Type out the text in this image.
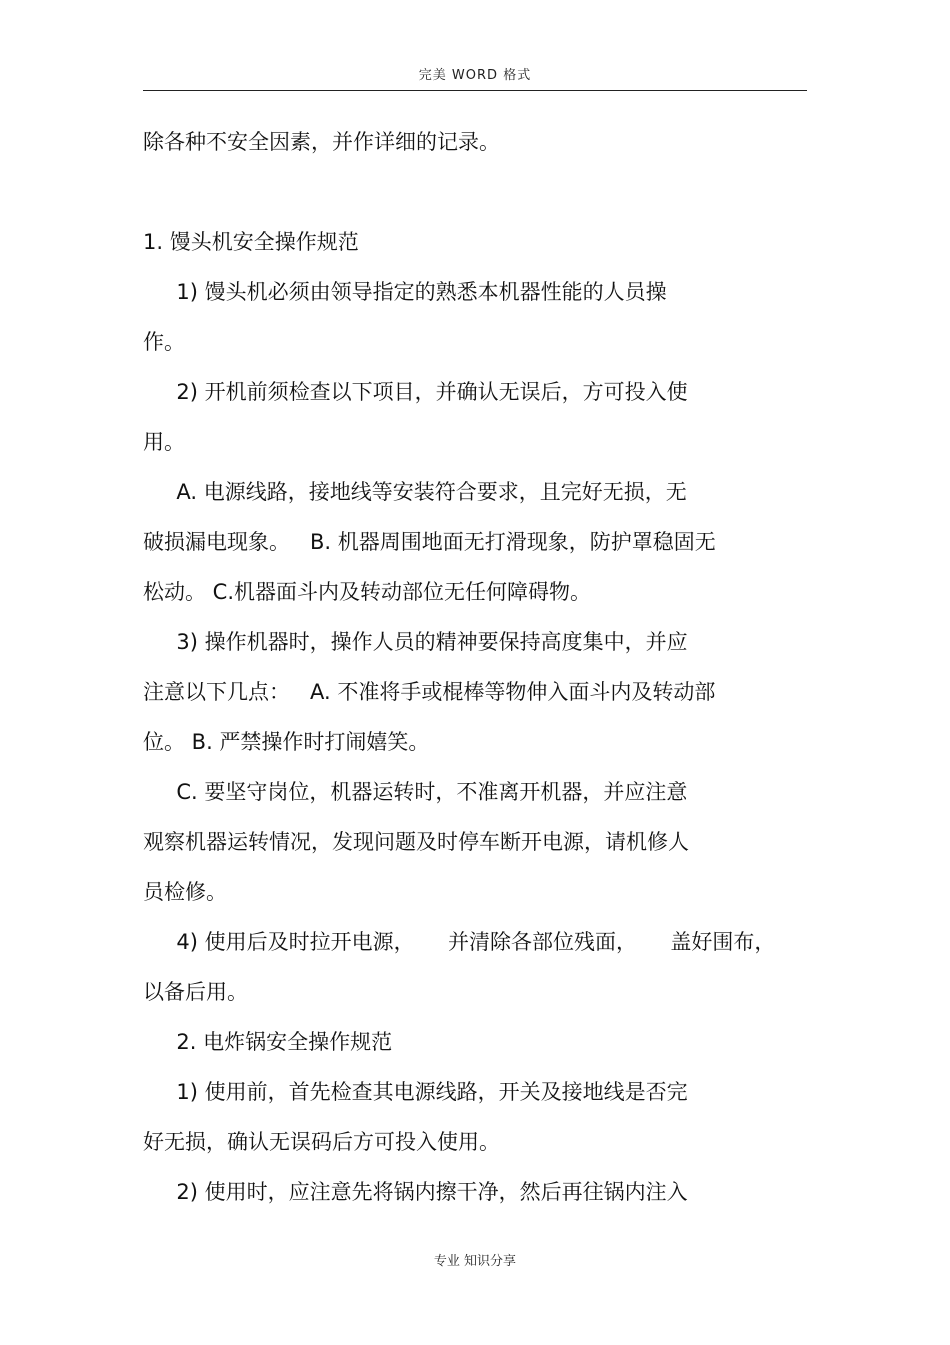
完美 WORD 格式
除各种不安全因素，并作详细的记录。
1. 馒头机安全操作规范
1) 馒头机必须由领导指定的熟悉本机器性能的人员操
作。
2) 开机前须检查以下项目，并确认无误后，方可投入使
用。
A. 电源线路，接地线等安装符合要求，且完好无损，无
破损漏电现象。   B. 机器周围地面无打滑现象，防护罩稳固无
松动。 C.机器面斗内及转动部位无任何障碍物。
3) 操作机器时，操作人员的精神要保持高度集中，并应
注意以下几点：   A. 不准将手或棍棒等物伸入面斗内及转动部
位。 B. 严禁操作时打闹嬉笑。
C. 要坚守岗位，机器运转时，不准离开机器，并应注意
观察机器运转情况，发现问题及时停车断开电源，请机修人
员检修。
4) 使用后及时拉开电源，     并清除各部位残面，     盖好围布，
以备后用。
2. 电炸锅安全操作规范
1) 使用前，首先检查其电源线路，开关及接地线是否完
好无损，确认无误码后方可投入使用。
2) 使用时，应注意先将锅内擦干净，然后再往锅内注入
专业 知识分享
